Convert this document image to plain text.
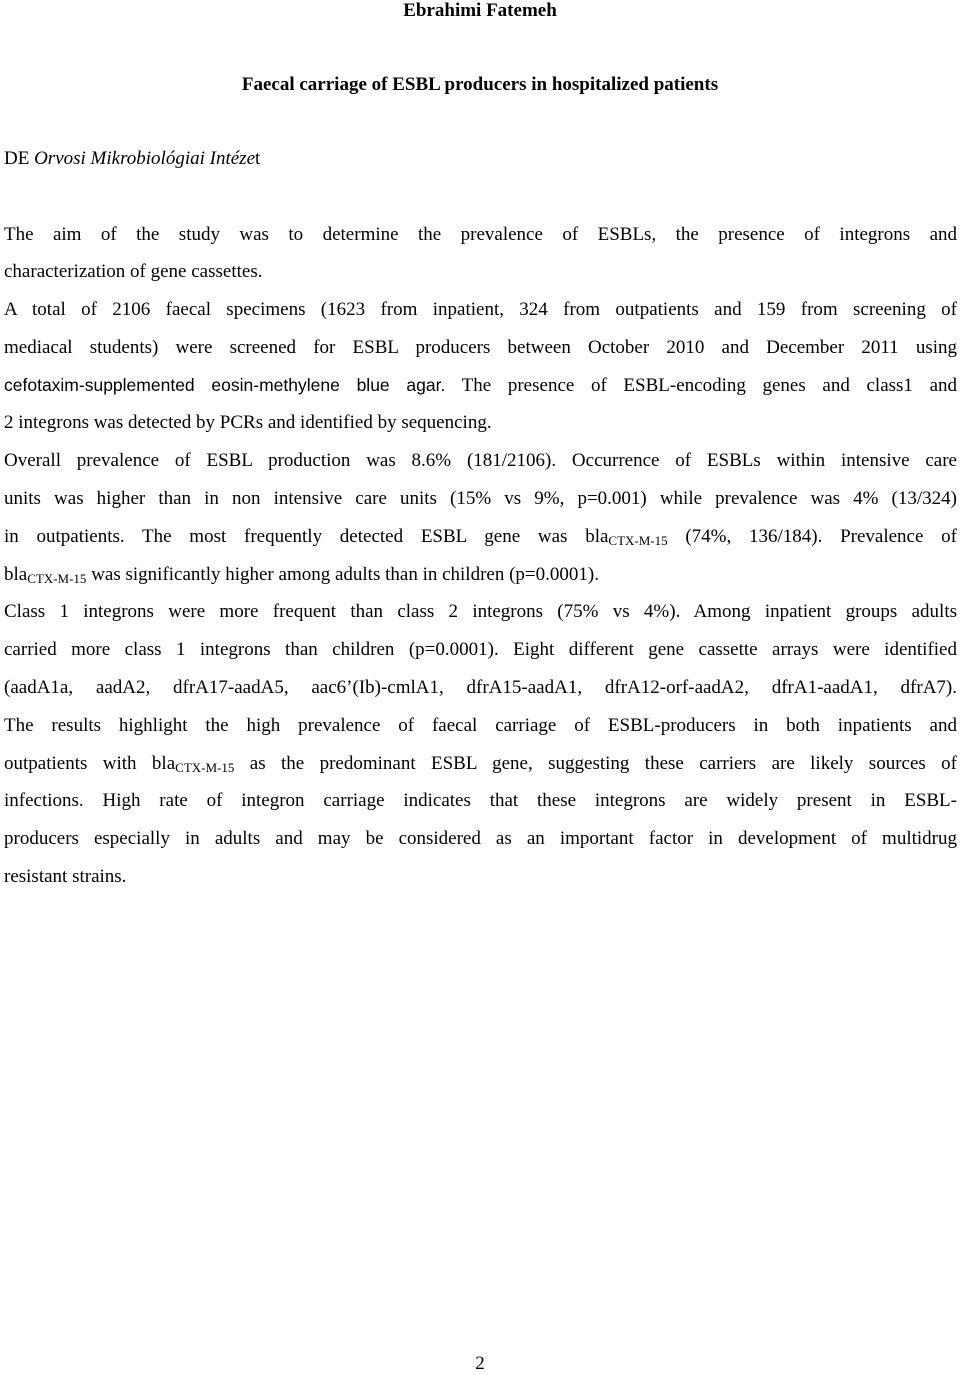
Ebrahimi Fatemeh
Faecal carriage of ESBL producers in hospitalized patients
DE Orvosi Mikrobiológiai Intézet
The aim of the study was to determine the prevalence of ESBLs, the presence of integrons and
characterization of gene cassettes.
A total of 2106 faecal specimens (1623 from inpatient, 324 from outpatients and 159 from screening of
mediacal students) were screened for ESBL producers between October 2010 and December 2011 using
cefotaxim-supplemented eosin-methylene blue agar. The presence of ESBL-encoding genes and class1 and
2 integrons was detected by PCRs and identified by sequencing.
Overall prevalence of ESBL production was 8.6% (181/2106). Occurrence of ESBLs within intensive care
units was higher than in non intensive care units (15% vs 9%, p=0.001) while prevalence was 4% (13/324)
in outpatients. The most frequently detected ESBL gene was bla$_{CTX-M-15}$ (74%, 136/184). Prevalence of
bla$_{CTX-M-15}$ was significantly higher among adults than in children (p=0.0001).
Class 1 integrons were more frequent than class 2 integrons (75% vs 4%). Among inpatient groups adults
carried more class 1 integrons than children (p=0.0001). Eight different gene cassette arrays were identified
(aadA1a, aadA2, dfrA17-aadA5, aac6’(Ib)-cmlA1, dfrA15-aadA1, dfrA12-orf-aadA2, dfrA1-aadA1, dfrA7).
The results highlight the high prevalence of faecal carriage of ESBL-producers in both inpatients and
outpatients with bla$_{CTX-M-15}$ as the predominant ESBL gene, suggesting these carriers are likely sources of
infections. High rate of integron carriage indicates that these integrons are widely present in ESBL-
producers especially in adults and may be considered as an important factor in development of multidrug
resistant strains.
2
